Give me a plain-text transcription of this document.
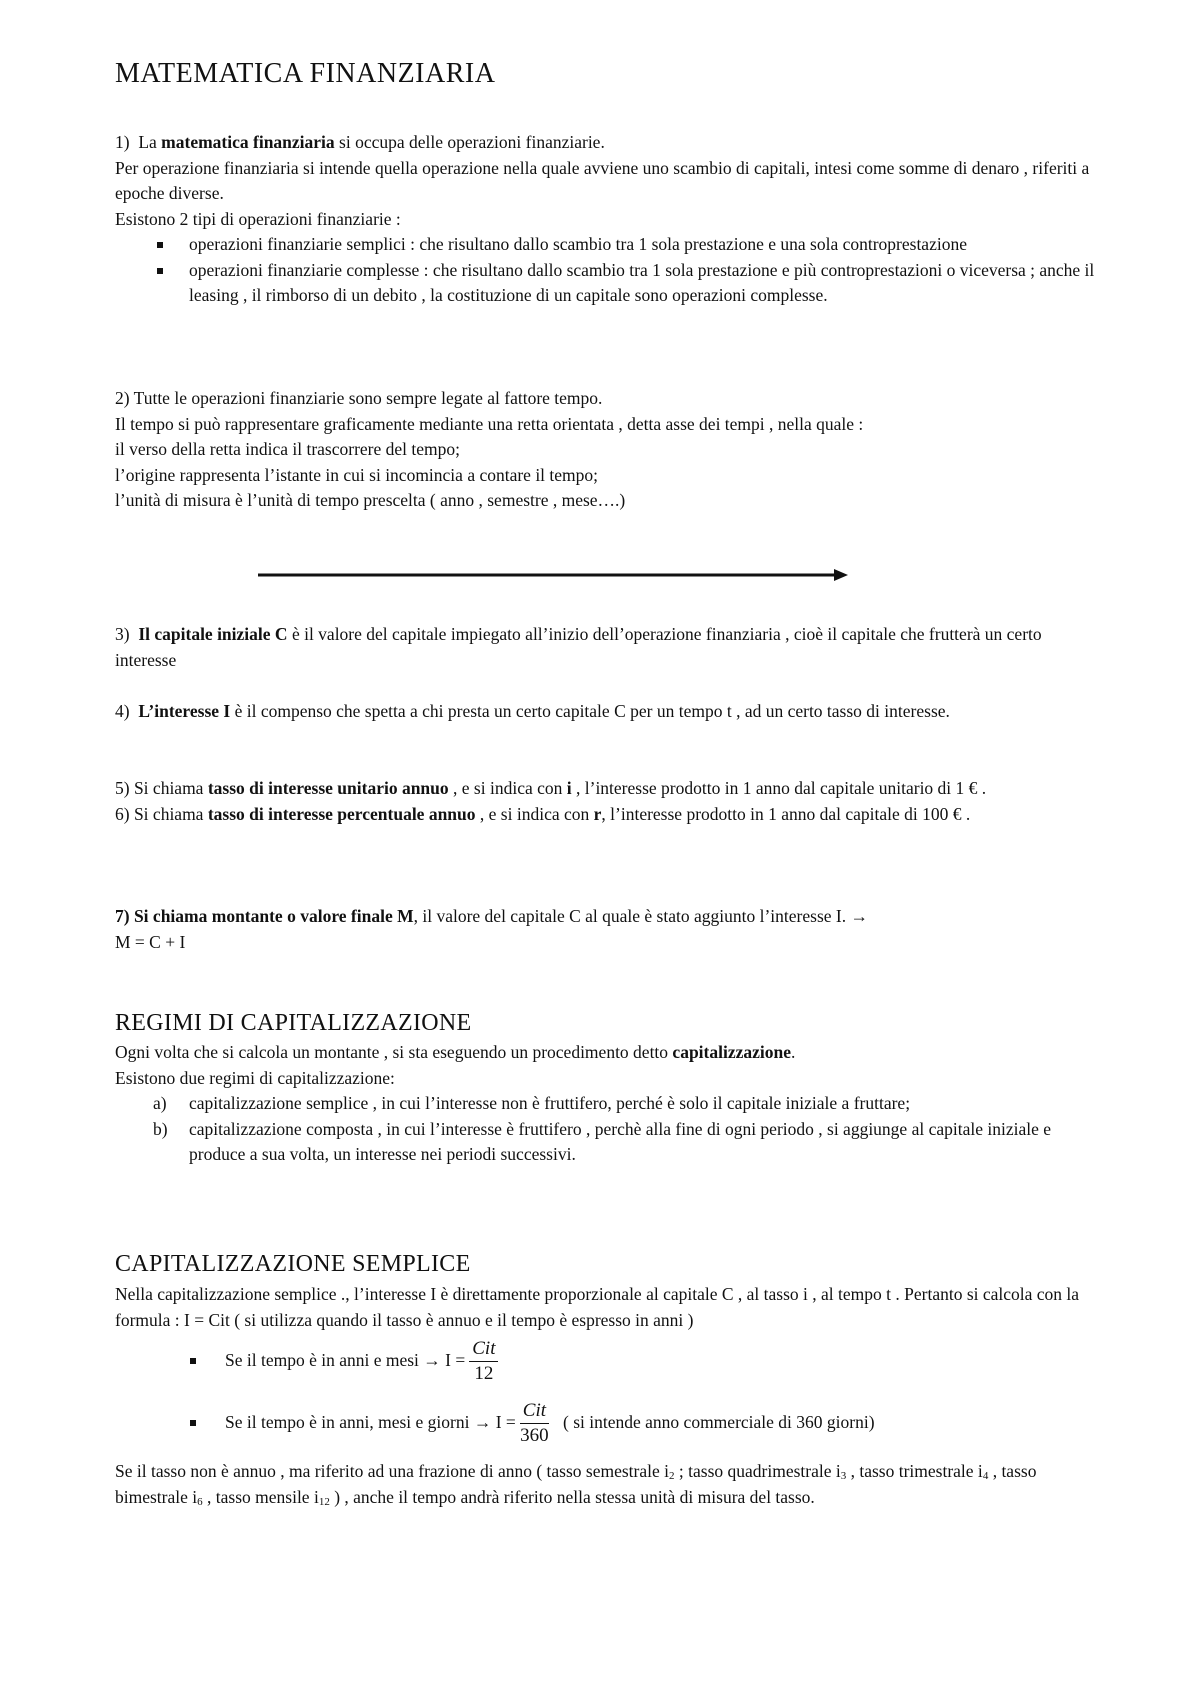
MATEMATICA FINANZIARIA

1) La matematica finanziaria si occupa delle operazioni finanziarie.

Per operazione finanziaria si intende quella operazione nella quale avviene uno scambio di capitali, intesi come somme di denaro , riferiti a epoche diverse.

Esistono 2 tipi di operazioni finanziarie :

operazioni finanziarie semplici : che risultano dallo scambio tra 1 sola prestazione e una sola controprestazione
operazioni finanziarie complesse : che risultano dallo scambio tra 1 sola prestazione e più controprestazioni o viceversa ; anche il leasing , il rimborso di un debito , la costituzione di un capitale sono operazioni complesse.

2) Tutte le operazioni finanziarie sono sempre legate al fattore tempo.

Il tempo si può rappresentare graficamente mediante una retta orientata , detta asse dei tempi , nella quale :

il verso della retta indica il trascorrere del tempo;

l’origine rappresenta l’istante in cui si incomincia a contare il tempo;

l’unità di misura è l’unità di tempo prescelta ( anno , semestre , mese….)

3) Il capitale iniziale C è il valore del capitale impiegato all’inizio dell’operazione finanziaria , cioè il capitale che frutterà un certo interesse

4) L’interesse I è il compenso che spetta a chi presta un certo capitale C per un tempo t , ad un certo tasso di interesse.

5) Si chiama tasso di interesse unitario annuo , e si indica con i , l’interesse prodotto in 1 anno dal capitale unitario di 1 € .

6) Si chiama tasso di interesse percentuale annuo , e si indica con r, l’interesse prodotto in 1 anno dal capitale di 100 € .

7) Si chiama montante o valore finale M, il valore del capitale C al quale è stato aggiunto l’interesse I. →

M = C + I

REGIMI DI CAPITALIZZAZIONE

Ogni volta che si calcola un montante , si sta eseguendo un procedimento detto capitalizzazione.

Esistono due regimi di capitalizzazione:

a) capitalizzazione semplice , in cui l’interesse non è fruttifero, perché è solo il capitale iniziale a fruttare;
b) capitalizzazione composta , in cui l’interesse è fruttifero , perchè alla fine di ogni periodo , si aggiunge al capitale iniziale e produce a sua volta, un interesse nei periodi successivi.
CAPITALIZZAZIONE SEMPLICE

Nella capitalizzazione semplice ., l’interesse I è direttamente proporzionale al capitale C , al tasso i , al tempo t . Pertanto si calcola con la formula : I = Cit ( si utilizza quando il tasso è annuo e il tempo è espresso in anni )

Se il tempo è in anni e mesi → $I = \frac{\text{Cit}}{12}$
Se il tempo è in anni, mesi e giorni → $I = \frac{\text{Cit}}{360}$ ( si intende anno commerciale di 360 giorni)

Se il tasso non è annuo , ma riferito ad una frazione di anno ( tasso semestrale $i_2$ ; tasso quadrimestrale $i_3$ , tasso trimestrale $i_4$ , tasso bimestrale $i_6$ , tasso mensile $i_{12}$ ) , anche il tempo andrà riferito nella stessa unità di misura del tasso.
